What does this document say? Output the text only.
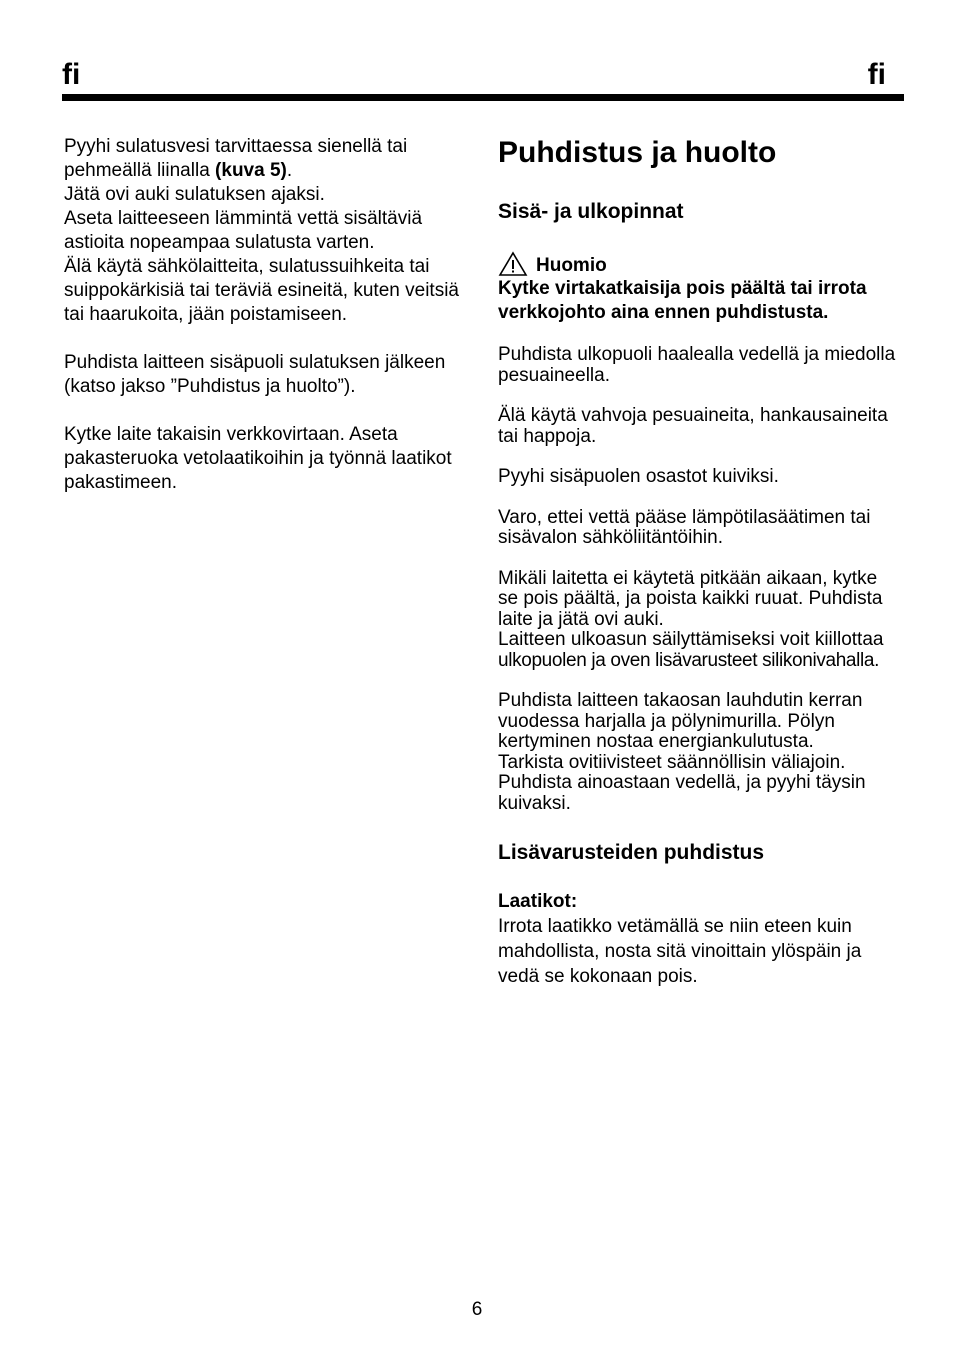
fi	fi

Pyyhi sulatusvesi tarvittaessa sienellä tai
pehmeällä liinalla (kuva 5).
Jätä ovi auki sulatuksen ajaksi.
Aseta laitteeseen lämmintä vettä sisältäviä
astioita nopeampaa sulatusta varten.
Älä käytä sähkölaitteita, sulatussuihkeita tai
suippokärkisiä tai teräviä esineitä, kuten veitsiä
tai haarukoita, jään poistamiseen.

Puhdista laitteen sisäpuoli sulatuksen jälkeen
(katso jakso ”Puhdistus ja huolto”).

Kytke laite takaisin verkkovirtaan. Aseta
pakasteruoka vetolaatikoihin ja työnnä laatikot
pakastimeen.

Puhdistus ja huolto
Sisä- ja ulkopinnat
Huomio
Kytke virtakatkaisija pois päältä tai irrota
verkkojohto aina ennen puhdistusta.

Puhdista ulkopuoli haalealla vedellä ja miedolla
pesuaineella.

Älä käytä vahvoja pesuaineita, hankausaineita
tai happoja.

Pyyhi sisäpuolen osastot kuiviksi.

Varo, ettei vettä pääse lämpötilasäätimen tai
sisävalon sähköliitäntöihin.

Mikäli laitetta ei käytetä pitkään aikaan, kytke
se pois päältä, ja poista kaikki ruuat. Puhdista
laite ja jätä ovi auki.
Laitteen ulkoasun säilyttämiseksi voit kiillottaa
ulkopuolen ja oven lisävarusteet silikonivahalla.

Puhdista laitteen takaosan lauhdutin kerran
vuodessa harjalla ja pölynimurilla. Pölyn
kertyminen nostaa energiankulutusta.
Tarkista ovitiivisteet säännöllisin väliajoin.
Puhdista ainoastaan vedellä, ja pyyhi täysin
kuivaksi.

Lisävarusteiden puhdistus
Laatikot:
Irrota laatikko vetämällä se niin eteen kuin
mahdollista, nosta sitä vinoittain ylöspäin ja
vedä se kokonaan pois.
6
